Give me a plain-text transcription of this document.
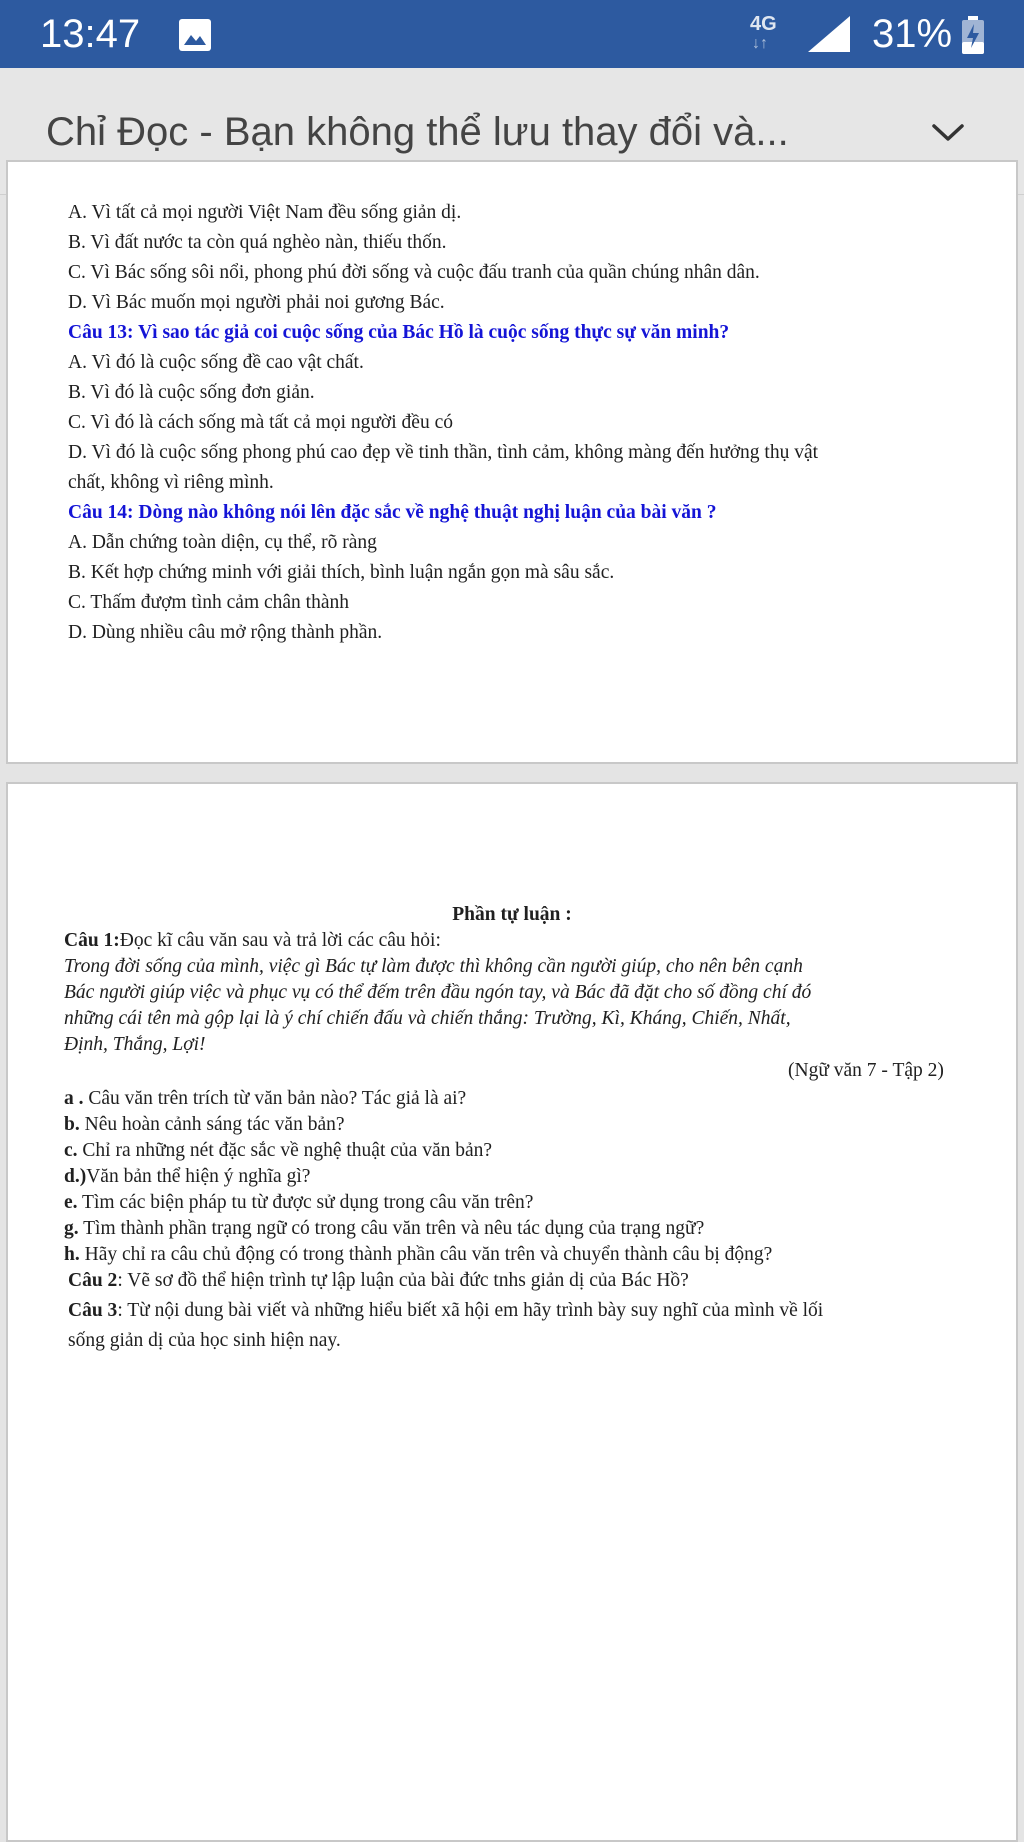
13:47	4G
↓↑	31%
Chỉ Đọc - Bạn không thể lưu thay đổi và...
A. Vì tất cả mọi người Việt Nam đều sống giản dị.
B. Vì đất nước ta còn quá nghèo nàn, thiếu thốn.
C. Vì Bác sống sôi nổi, phong phú đời sống và cuộc đấu tranh của quần chúng nhân dân.
D. Vì Bác muốn mọi người phải noi gương Bác.
Câu 13: Vì sao tác giả coi cuộc sống của Bác Hồ là cuộc sống thực sự văn minh?
A. Vì đó là cuộc sống đề cao vật chất.
B. Vì đó là cuộc sống đơn giản.
C. Vì đó là cách sống mà tất cả mọi người đều có
D. Vì đó là cuộc sống phong phú cao đẹp về tinh thần, tình cảm, không màng đến hưởng thụ vật
chất, không vì riêng mình.
Câu 14: Dòng nào không nói lên đặc sắc về nghệ thuật nghị luận của bài văn ?
A. Dẫn chứng toàn diện, cụ thể, rõ ràng
B. Kết hợp chứng minh với giải thích, bình luận ngắn gọn mà sâu sắc.
C. Thấm đượm tình cảm chân thành
D. Dùng nhiều câu mở rộng thành phần.
Phần tự luận :
Câu 1:Đọc kĩ câu văn sau và trả lời các câu hỏi:
Trong đời sống của mình, việc gì Bác tự làm được thì không cần người giúp, cho nên bên cạnh
Bác người giúp việc và phục vụ có thể đếm trên đầu ngón tay, và Bác đã đặt cho số đồng chí đó
những cái tên mà gộp lại là ý chí chiến đấu và chiến thắng: Trường, Kì, Kháng, Chiến, Nhất,
Định, Thắng, Lợi!
(Ngữ văn 7 - Tập 2)
a . Câu văn trên trích từ văn bản nào? Tác giả là ai?
b. Nêu hoàn cảnh sáng tác văn bản?
c. Chỉ ra những nét đặc sắc về nghệ thuật của văn bản?
d.)Văn bản thể hiện ý nghĩa gì?
e. Tìm các biện pháp tu từ được sử dụng trong câu văn trên?
g. Tìm thành phần trạng ngữ có trong câu văn trên và nêu tác dụng của trạng ngữ?
h. Hãy chỉ ra câu chủ động có trong thành phần câu văn trên và chuyển thành câu bị động?
Câu 2: Vẽ sơ đồ thể hiện trình tự lập luận của bài đức tnhs giản dị của Bác Hồ?
Câu 3: Từ nội dung bài viết và những hiểu biết xã hội em hãy trình bày suy nghĩ của mình về lối
sống giản dị của học sinh hiện nay.
